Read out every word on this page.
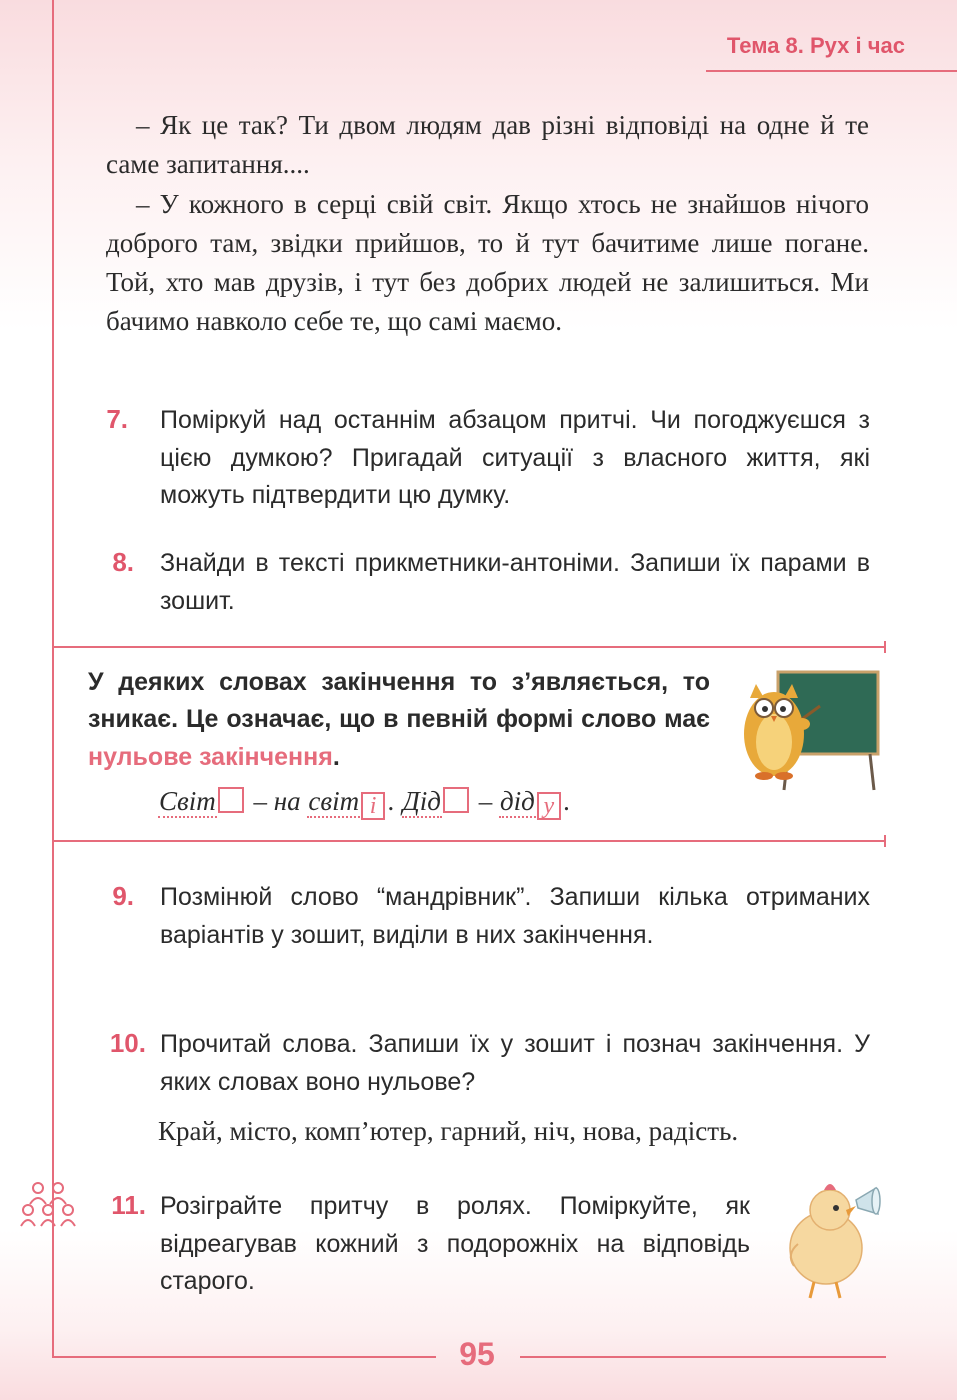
Тема 8. Рух і час

– Як це так? Ти двом людям дав різні відповіді на одне й те саме запитання....

– У кожного в серці свій світ. Якщо хтось не знайшов нічого доброго там, звідки прийшов, то й тут бачитиме лише погане. Той, хто мав друзів, і тут без добрих людей не залишиться. Ми бачимо навколо себе те, що самі маємо.

7. Поміркуй над останнім абзацом притчі. Чи погоджуєшся з цією думкою? Пригадай ситуації з власного життя, які можуть підтвердити цю думку.
8. Знайди в тексті прикметники-антоніми. Запиши їх парами в зошит.
У деяких словах закінчення то з’являється, то зникає. Це означає, що в певній формі слово має нульове закінчення.
Світ – на світ і . Дід – дід у .
9. Позмінюй слово “мандрівник”. Запиши кілька отриманих варіантів у зошит, виділи в них закінчення.
10. Прочитай слова. Запиши їх у зошит і познач закінчення. У яких словах воно нульове?
Край, місто, комп’ютер, гарний, ніч, нова, радість.
11. Розіграйте притчу в ролях. Поміркуйте, як відреагував кожний з подорожніх на відповідь старого.
95
